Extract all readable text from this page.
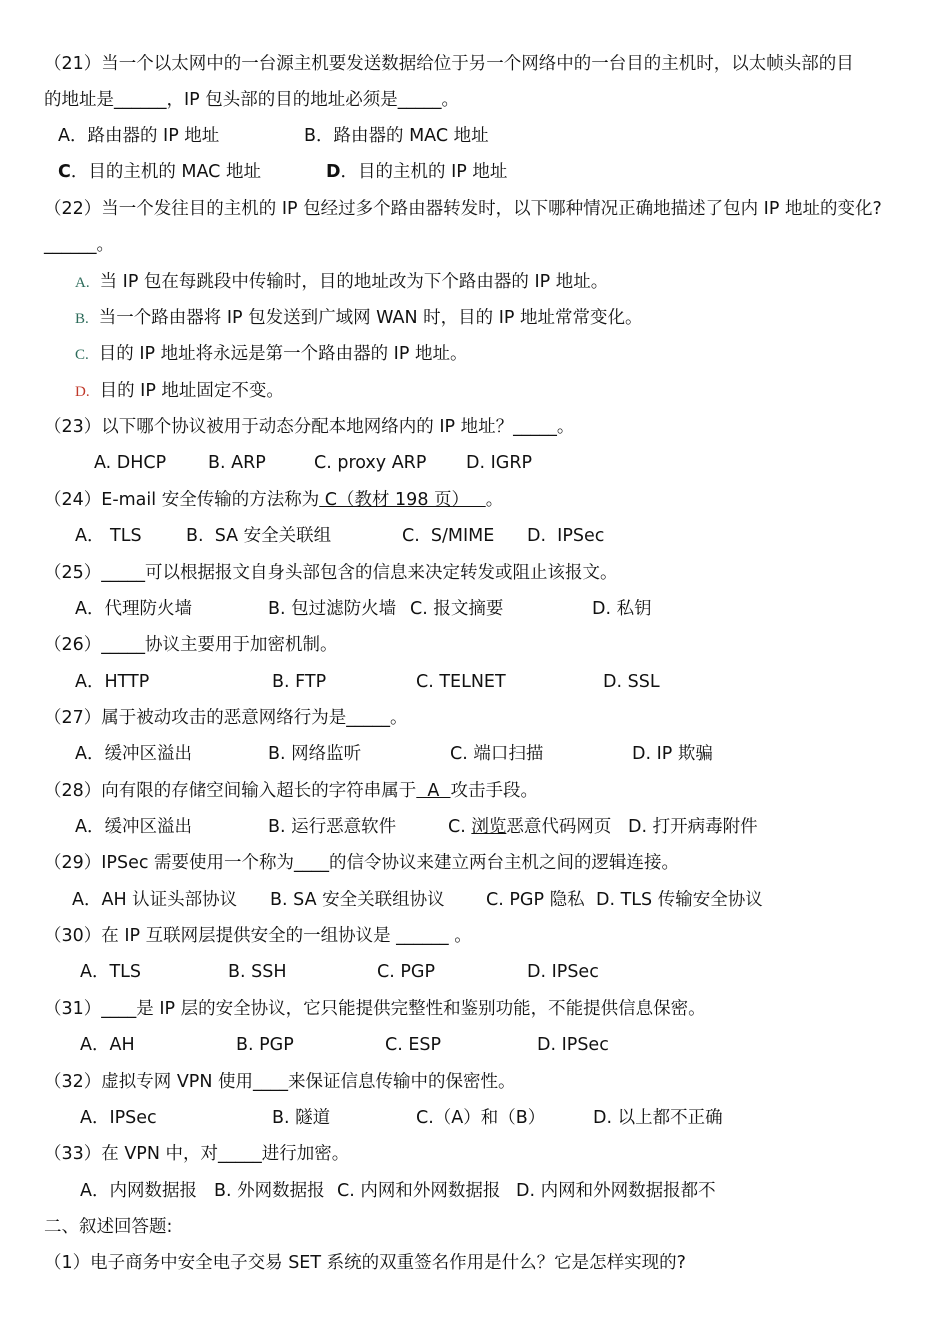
（21）当一个以太网中的一台源主机要发送数据给位于另一个网络中的一台目的主机时，以太帧头部的目
的地址是______，IP 包头部的目的地址必须是_____。
A．路由器的 IP 地址	B．路由器的 MAC 地址
C．目的主机的 MAC 地址	D．目的主机的 IP 地址
（22）当一个发往目的主机的 IP 包经过多个路由器转发时，以下哪种情况正确地描述了包内 IP 地址的变化?
______。
A. 当 IP 包在每跳段中传输时，目的地址改为下个路由器的 IP 地址。
B. 当一个路由器将 IP 包发送到广域网 WAN 时，目的 IP 地址常常变化。
C. 目的 IP 地址将永远是第一个路由器的 IP 地址。
D. 目的 IP 地址固定不变。
（23）以下哪个协议被用于动态分配本地网络内的 IP 地址？_____。
A. DHCP B. ARP	C. proxy ARP D. IGRP
（24）E-mail 安全传输的方法称为 C（教材 198 页）   。
A． TLS	B.  SA 安全关联组	C.  S/MIME D.  IPSec
（25）_____可以根据报文自身头部包含的信息来决定转发或阻止该报文。
A．代理防火墙	B. 包过滤防火墙 C. 报文摘要	D. 私钥
（26）_____协议主要用于加密机制。
A．HTTP	B. FTP	C. TELNET	D. SSL
（27）属于被动攻击的恶意网络行为是_____。
A．缓冲区溢出	B. 网络监听	C. 端口扫描	D. IP 欺骗
（28）向有限的存储空间输入超长的字符串属于  A  攻击手段。
A．缓冲区溢出	B. 运行恶意软件	C. 浏览恶意代码网页 D. 打开病毒附件
（29）IPSec 需要使用一个称为____的信令协议来建立两台主机之间的逻辑连接。
A．AH 认证头部协议 B. SA 安全关联组协议 C. PGP 隐私 D. TLS 传输安全协议
（30）在 IP 互联网层提供安全的一组协议是 ______ 。
A．TLS	B. SSH	C. PGP	D. IPSec
（31）____是 IP 层的安全协议，它只能提供完整性和鉴别功能，不能提供信息保密。
A．AH	B. PGP	C. ESP	D. IPSec
（32）虚拟专网 VPN 使用____来保证信息传输中的保密性。
A．IPSec	B. 隧道	C.（A）和（B）	D. 以上都不正确
（33）在 VPN 中，对_____进行加密。
A．内网数据报 B. 外网数据报 C. 内网和外网数据报 D. 内网和外网数据报都不
二、叙述回答题:
（1）电子商务中安全电子交易 SET 系统的双重签名作用是什么？它是怎样实现的?
